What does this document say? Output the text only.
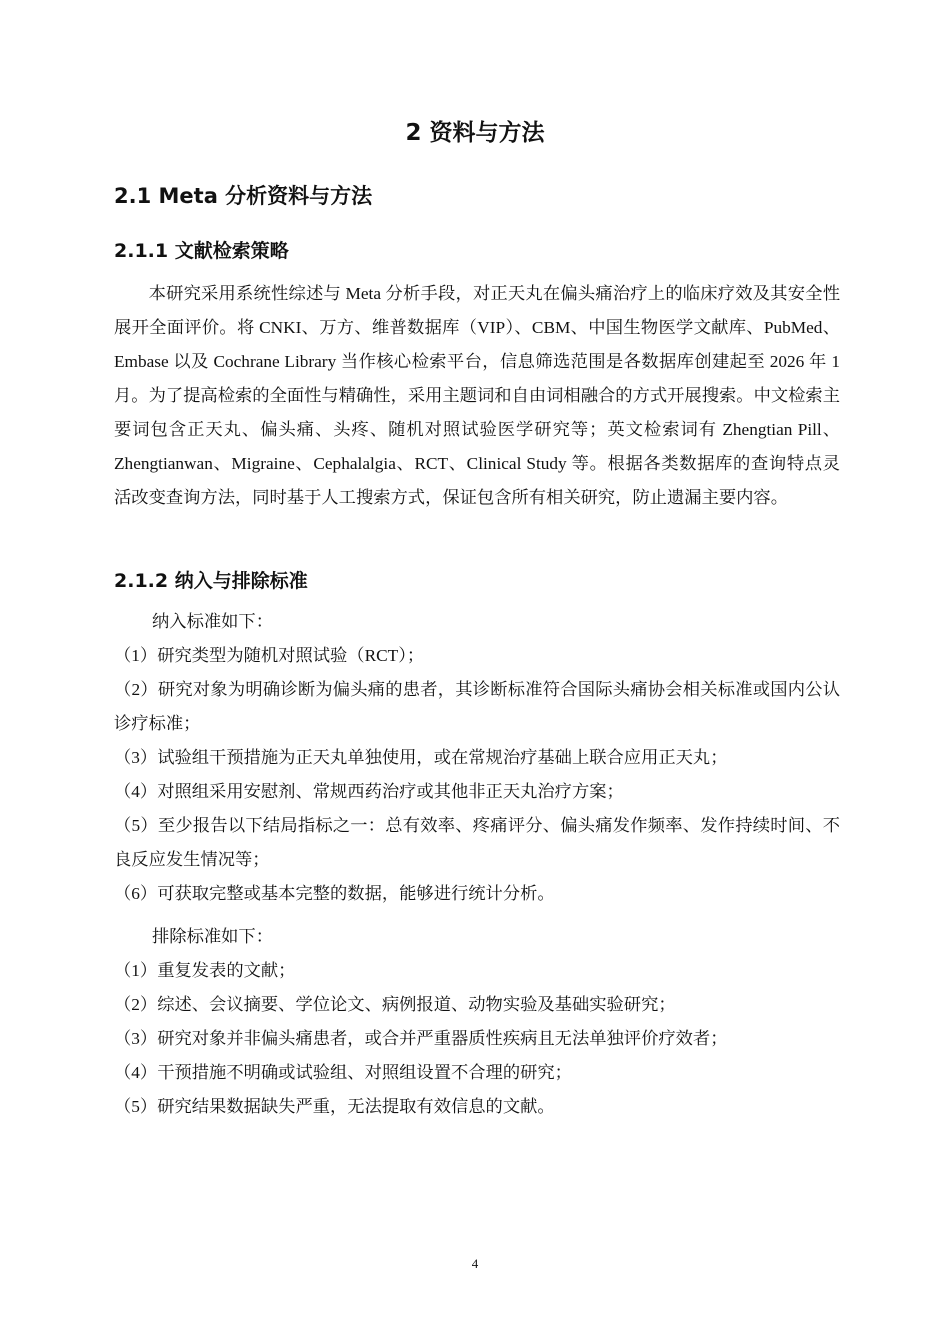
2 资料与方法
2.1 Meta 分析资料与方法
2.1.1 文献检索策略

本研究采用系统性综述与 Meta 分析手段，对正天丸在偏头痛治疗上的临床疗效及其安全性展开全面评价。将 CNKI、万方、维普数据库（VIP）、CBM、中国生物医学文献库、PubMed、Embase 以及 Cochrane Library 当作核心检索平台，信息筛选范围是各数据库创建起至 2026 年 1 月。为了提高检索的全面性与精确性，采用主题词和自由词相融合的方式开展搜索。中文检索主要词包含正天丸、偏头痛、头疼、随机对照试验医学研究等；英文检索词有 Zhengtian Pill、Zhengtianwan、Migraine、Cephalalgia、RCT、Clinical Study 等。根据各类数据库的查询特点灵活改变查询方法，同时基于人工搜索方式，保证包含所有相关研究，防止遗漏主要内容。

2.1.2 纳入与排除标准

纳入标准如下：

（1）研究类型为随机对照试验（RCT）；

（2）研究对象为明确诊断为偏头痛的患者，其诊断标准符合国际头痛协会相关标准或国内公认诊疗标准；

（3）试验组干预措施为正天丸单独使用，或在常规治疗基础上联合应用正天丸；

（4）对照组采用安慰剂、常规西药治疗或其他非正天丸治疗方案；

（5）至少报告以下结局指标之一：总有效率、疼痛评分、偏头痛发作频率、发作持续时间、不良反应发生情况等；

（6）可获取完整或基本完整的数据，能够进行统计分析。

排除标准如下：

（1）重复发表的文献；

（2）综述、会议摘要、学位论文、病例报道、动物实验及基础实验研究；

（3）研究对象并非偏头痛患者，或合并严重器质性疾病且无法单独评价疗效者；

（4）干预措施不明确或试验组、对照组设置不合理的研究；

（5）研究结果数据缺失严重，无法提取有效信息的文献。

4
